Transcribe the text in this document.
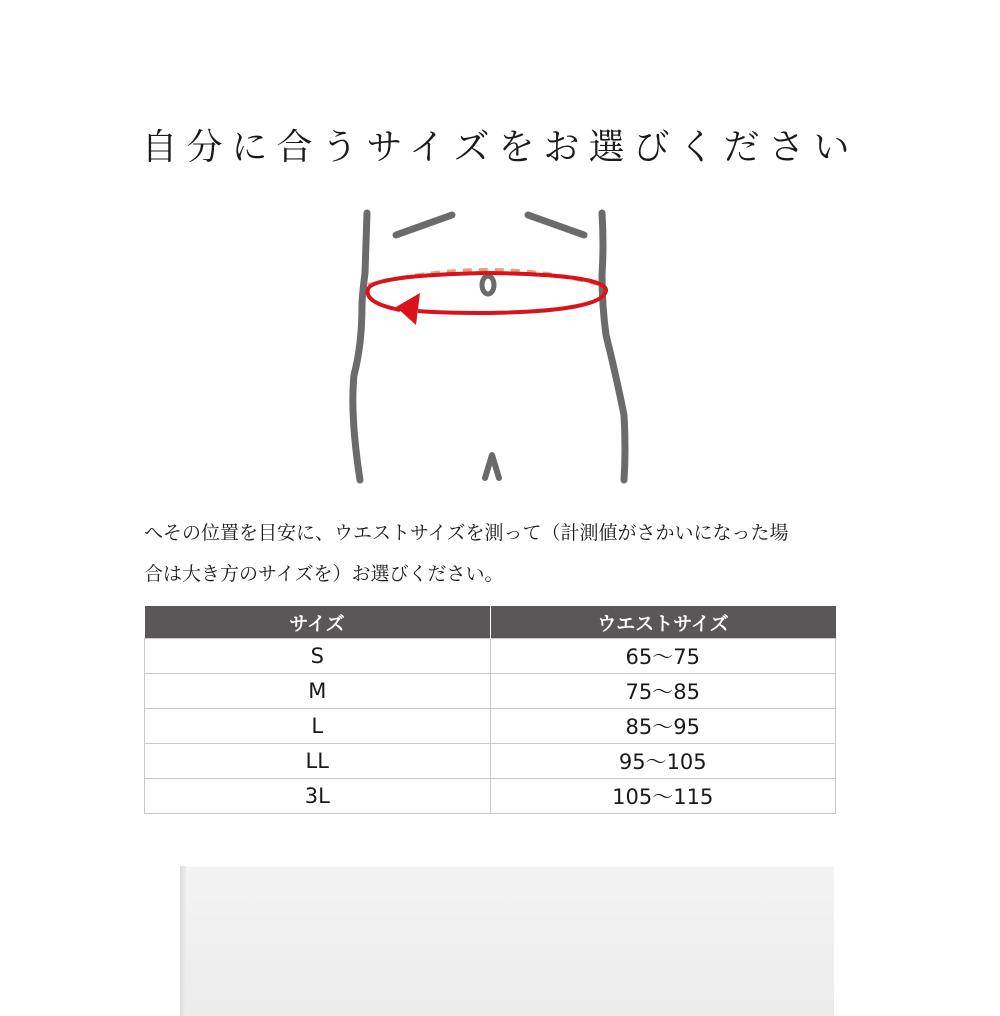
自分に合うサイズをお選びください
へその位置を目安に、ウエストサイズを測って（計測値がさかいになった場
合は大き方のサイズを）お選びください。
サイズ	ウエストサイズ
S	65〜75
M	75〜85
L	85〜95
LL	95〜105
3L	105〜115
